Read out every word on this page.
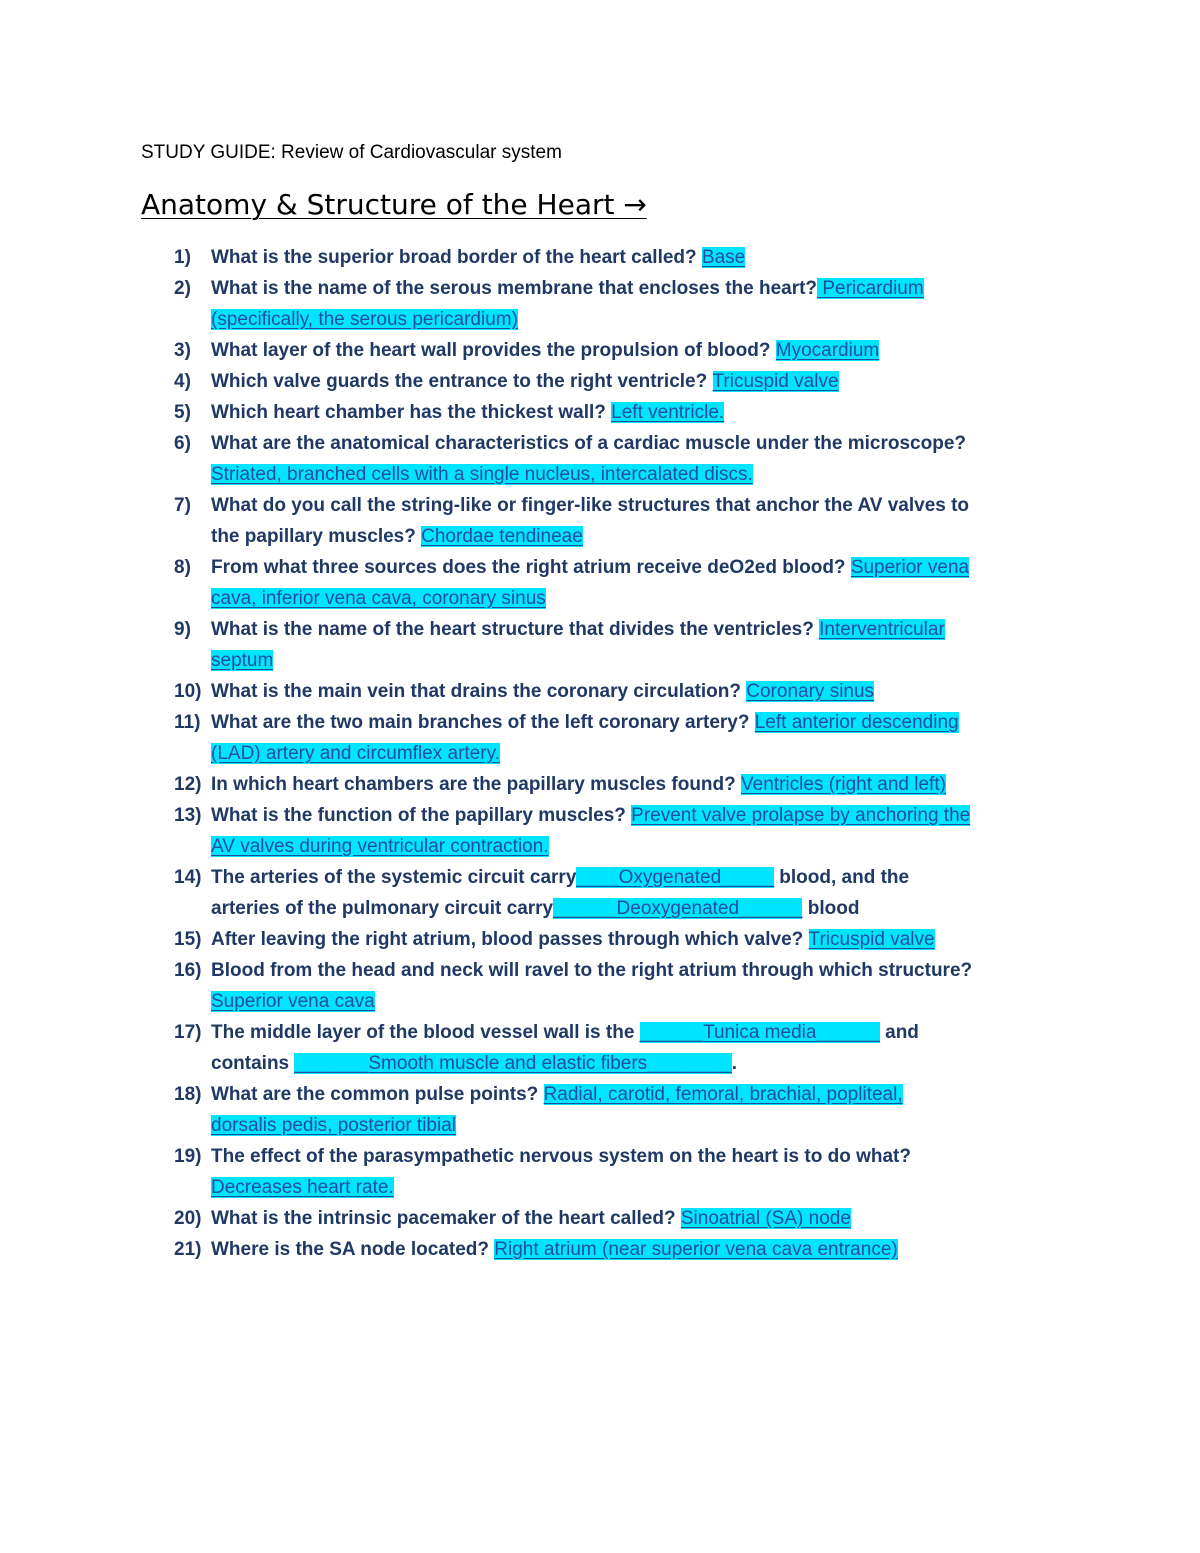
STUDY GUIDE: Review of Cardiovascular system
Anatomy & Structure of the Heart →
1) What is the superior broad border of the heart called? Base
2) What is the name of the serous membrane that encloses the heart? Pericardium
(specifically, the serous pericardium)
3) What layer of the heart wall provides the propulsion of blood? Myocardium
4) Which valve guards the entrance to the right ventricle? Tricuspid valve
5) Which heart chamber has the thickest wall? Left ventricle.
6) What are the anatomical characteristics of a cardiac muscle under the microscope?
Striated, branched cells with a single nucleus, intercalated discs.
7) What do you call the string-like or finger-like structures that anchor the AV valves to
the papillary muscles? Chordae tendineae
8) From what three sources does the right atrium receive deO2ed blood? Superior vena
cava, inferior vena cava, coronary sinus
9) What is the name of the heart structure that divides the ventricles? Interventricular
septum
10) What is the main vein that drains the coronary circulation? Coronary sinus
11) What are the two main branches of the left coronary artery? Left anterior descending
(LAD) artery and circumflex artery.
12) In which heart chambers are the papillary muscles found? Ventricles (right and left)
13) What is the function of the papillary muscles? Prevent valve prolapse by anchoring the
AV valves during ventricular contraction.
14) The arteries of the systemic circuit carry____Oxygenated_____ blood, and the
arteries of the pulmonary circuit carry______Deoxygenated______ blood
15) After leaving the right atrium, blood passes through which valve? Tricuspid valve
16) Blood from the head and neck will ravel to the right atrium through which structure?
Superior vena cava
17) The middle layer of the blood vessel wall is the ______Tunica media______ and
contains _______Smooth muscle and elastic fibers________.
18) What are the common pulse points? Radial, carotid, femoral, brachial, popliteal,
dorsalis pedis, posterior tibial
19) The effect of the parasympathetic nervous system on the heart is to do what?
Decreases heart rate.
20) What is the intrinsic pacemaker of the heart called? Sinoatrial (SA) node
21) Where is the SA node located? Right atrium (near superior vena cava entrance)
